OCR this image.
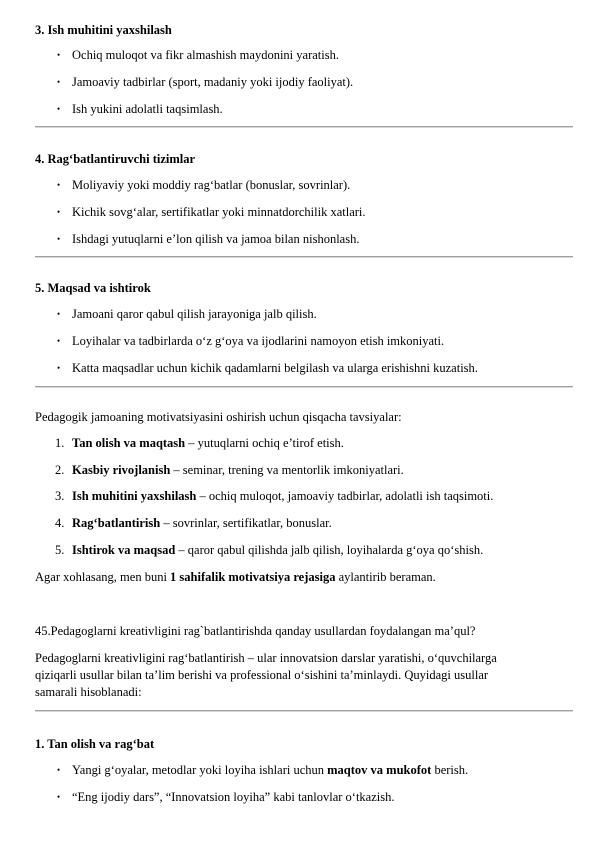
3. Ish muhitini yaxshilash
• Ochiq muloqot va fikr almashish maydonini yaratish.
• Jamoaviy tadbirlar (sport, madaniy yoki ijodiy faoliyat).
• Ish yukini adolatli taqsimlash.
4. Rag‘batlantiruvchi tizimlar
• Moliyaviy yoki moddiy rag‘batlar (bonuslar, sovrinlar).
• Kichik sovg‘alar, sertifikatlar yoki minnatdorchilik xatlari.
• Ishdagi yutuqlarni e’lon qilish va jamoa bilan nishonlash.
5. Maqsad va ishtirok
• Jamoani qaror qabul qilish jarayoniga jalb qilish.
• Loyihalar va tadbirlarda o‘z g‘oya va ijodlarini namoyon etish imkoniyati.
• Katta maqsadlar uchun kichik qadamlarni belgilash va ularga erishishni kuzatish.
Pedagogik jamoaning motivatsiyasini oshirish uchun qisqacha tavsiyalar:
1. Tan olish va maqtash – yutuqlarni ochiq e’tirof etish.
2. Kasbiy rivojlanish – seminar, trening va mentorlik imkoniyatlari.
3. Ish muhitini yaxshilash – ochiq muloqot, jamoaviy tadbirlar, adolatli ish taqsimoti.
4. Rag‘batlantirish – sovrinlar, sertifikatlar, bonuslar.
5. Ishtirok va maqsad – qaror qabul qilishda jalb qilish, loyihalarda g‘oya qo‘shish.
Agar xohlasang, men buni 1 sahifalik motivatsiya rejasiga aylantirib beraman.
45.Pedagoglarni kreativligini rag`batlantirishda qanday usullardan foydalangan ma’qul?
Pedagoglarni kreativligini rag‘batlantirish – ular innovatsion darslar yaratishi, o‘quvchilarga
qiziqarli usullar bilan ta’lim berishi va professional o‘sishini ta’minlaydi. Quyidagi usullar
samarali hisoblanadi:
1. Tan olish va rag‘bat
• Yangi g‘oyalar, metodlar yoki loyiha ishlari uchun maqtov va mukofot berish.
• “Eng ijodiy dars”, “Innovatsion loyiha” kabi tanlovlar o‘tkazish.
